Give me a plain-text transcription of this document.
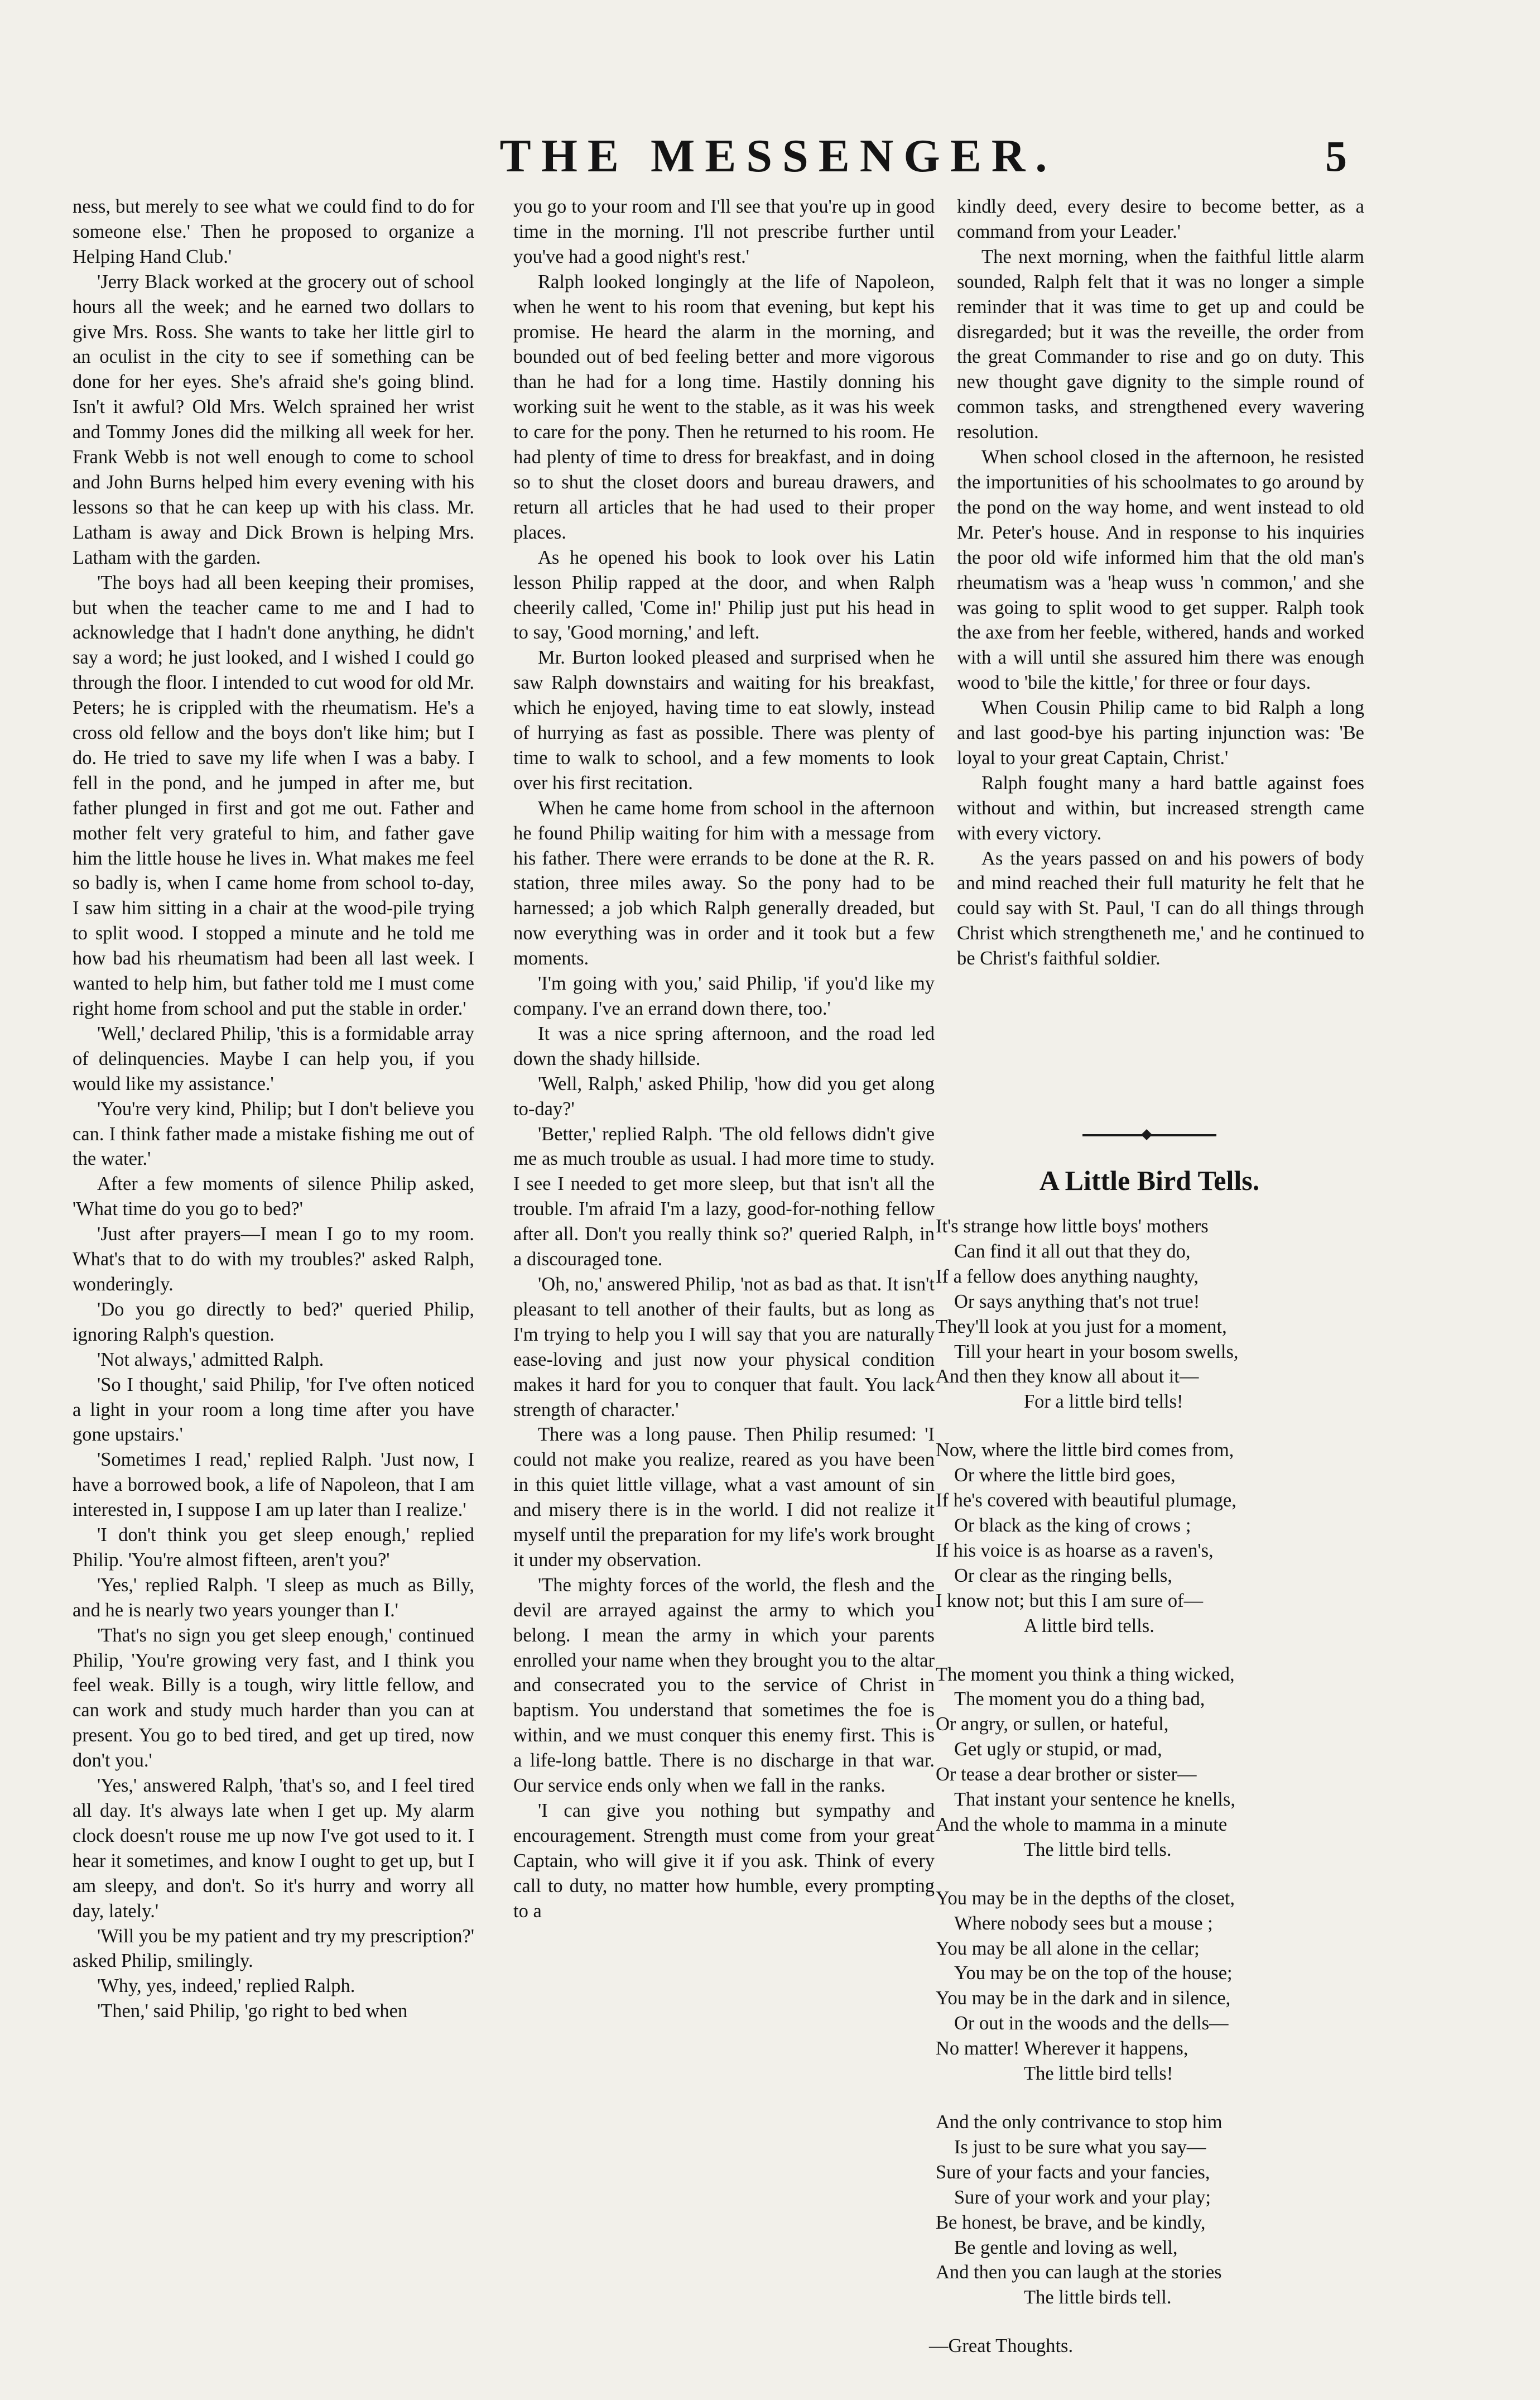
THE MESSENGER.	5

ness, but merely to see what we could find to do for someone else.' Then he proposed to organize a Helping Hand Club.'

'Jerry Black worked at the grocery out of school hours all the week; and he earned two dollars to give Mrs. Ross. She wants to take her little girl to an oculist in the city to see if something can be done for her eyes. She's afraid she's going blind. Isn't it awful? Old Mrs. Welch sprained her wrist and Tommy Jones did the milking all week for her. Frank Webb is not well enough to come to school and John Burns helped him every evening with his lessons so that he can keep up with his class. Mr. Latham is away and Dick Brown is helping Mrs. Latham with the garden.

'The boys had all been keeping their promises, but when the teacher came to me and I had to acknowledge that I hadn't done anything, he didn't say a word; he just looked, and I wished I could go through the floor. I intended to cut wood for old Mr. Peters; he is crippled with the rheumatism. He's a cross old fellow and the boys don't like him; but I do. He tried to save my life when I was a baby. I fell in the pond, and he jumped in after me, but father plunged in first and got me out. Father and mother felt very grateful to him, and father gave him the little house he lives in. What makes me feel so badly is, when I came home from school to-day, I saw him sitting in a chair at the wood-pile trying to split wood. I stopped a minute and he told me how bad his rheumatism had been all last week. I wanted to help him, but father told me I must come right home from school and put the stable in order.'

'Well,' declared Philip, 'this is a formidable array of delinquencies. Maybe I can help you, if you would like my assistance.'

'You're very kind, Philip; but I don't believe you can. I think father made a mistake fishing me out of the water.'

After a few moments of silence Philip asked, 'What time do you go to bed?'

'Just after prayers—I mean I go to my room. What's that to do with my troubles?' asked Ralph, wonderingly.

'Do you go directly to bed?' queried Philip, ignoring Ralph's question.

'Not always,' admitted Ralph.

'So I thought,' said Philip, 'for I've often noticed a light in your room a long time after you have gone upstairs.'

'Sometimes I read,' replied Ralph. 'Just now, I have a borrowed book, a life of Napoleon, that I am interested in, I suppose I am up later than I realize.'

'I don't think you get sleep enough,' replied Philip. 'You're almost fifteen, aren't you?'

'Yes,' replied Ralph. 'I sleep as much as Billy, and he is nearly two years younger than I.'

'That's no sign you get sleep enough,' continued Philip, 'You're growing very fast, and I think you feel weak. Billy is a tough, wiry little fellow, and can work and study much harder than you can at present. You go to bed tired, and get up tired, now don't you.'

'Yes,' answered Ralph, 'that's so, and I feel tired all day. It's always late when I get up. My alarm clock doesn't rouse me up now I've got used to it. I hear it sometimes, and know I ought to get up, but I am sleepy, and don't. So it's hurry and worry all day, lately.'

'Will you be my patient and try my prescription?' asked Philip, smilingly.

'Why, yes, indeed,' replied Ralph.

'Then,' said Philip, 'go right to bed when

you go to your room and I'll see that you're up in good time in the morning. I'll not prescribe further until you've had a good night's rest.'

Ralph looked longingly at the life of Napoleon, when he went to his room that evening, but kept his promise. He heard the alarm in the morning, and bounded out of bed feeling better and more vigorous than he had for a long time. Hastily donning his working suit he went to the stable, as it was his week to care for the pony. Then he returned to his room. He had plenty of time to dress for breakfast, and in doing so to shut the closet doors and bureau drawers, and return all articles that he had used to their proper places.

As he opened his book to look over his Latin lesson Philip rapped at the door, and when Ralph cheerily called, 'Come in!' Philip just put his head in to say, 'Good morning,' and left.

Mr. Burton looked pleased and surprised when he saw Ralph downstairs and waiting for his breakfast, which he enjoyed, having time to eat slowly, instead of hurrying as fast as possible. There was plenty of time to walk to school, and a few moments to look over his first recitation.

When he came home from school in the afternoon he found Philip waiting for him with a message from his father. There were errands to be done at the R. R. station, three miles away. So the pony had to be harnessed; a job which Ralph generally dreaded, but now everything was in order and it took but a few moments.

'I'm going with you,' said Philip, 'if you'd like my company. I've an errand down there, too.'

It was a nice spring afternoon, and the road led down the shady hillside.

'Well, Ralph,' asked Philip, 'how did you get along to-day?'

'Better,' replied Ralph. 'The old fellows didn't give me as much trouble as usual. I had more time to study. I see I needed to get more sleep, but that isn't all the trouble. I'm afraid I'm a lazy, good-for-nothing fellow after all. Don't you really think so?' queried Ralph, in a discouraged tone.

'Oh, no,' answered Philip, 'not as bad as that. It isn't pleasant to tell another of their faults, but as long as I'm trying to help you I will say that you are naturally ease-loving and just now your physical condition makes it hard for you to conquer that fault. You lack strength of character.'

There was a long pause. Then Philip resumed: 'I could not make you realize, reared as you have been in this quiet little village, what a vast amount of sin and misery there is in the world. I did not realize it myself until the preparation for my life's work brought it under my observation.

'The mighty forces of the world, the flesh and the devil are arrayed against the army to which you belong. I mean the army in which your parents enrolled your name when they brought you to the altar and consecrated you to the service of Christ in baptism. You understand that sometimes the foe is within, and we must conquer this enemy first. This is a life-long battle. There is no discharge in that war. Our service ends only when we fall in the ranks.

'I can give you nothing but sympathy and encouragement. Strength must come from your great Captain, who will give it if you ask. Think of every call to duty, no matter how humble, every prompting to a

kindly deed, every desire to become better, as a command from your Leader.'

The next morning, when the faithful little alarm sounded, Ralph felt that it was no longer a simple reminder that it was time to get up and could be disregarded; but it was the reveille, the order from the great Commander to rise and go on duty. This new thought gave dignity to the simple round of common tasks, and strengthened every wavering resolution.

When school closed in the afternoon, he resisted the importunities of his schoolmates to go around by the pond on the way home, and went instead to old Mr. Peter's house. And in response to his inquiries the poor old wife informed him that the old man's rheumatism was a 'heap wuss 'n common,' and she was going to split wood to get supper. Ralph took the axe from her feeble, withered, hands and worked with a will until she assured him there was enough wood to 'bile the kittle,' for three or four days.

When Cousin Philip came to bid Ralph a long and last good-bye his parting injunction was: 'Be loyal to your great Captain, Christ.'

Ralph fought many a hard battle against foes without and within, but increased strength came with every victory.

As the years passed on and his powers of body and mind reached their full maturity he felt that he could say with St. Paul, 'I can do all things through Christ which strengtheneth me,' and he continued to be Christ's faithful soldier.

A Little Bird Tells.
It's strange how little boys' mothers
Can find it all out that they do,
If a fellow does anything naughty,
Or says anything that's not true!
They'll look at you just for a moment,
Till your heart in your bosom swells,
And then they know all about it—
For a little bird tells!
Now, where the little bird comes from,
Or where the little bird goes,
If he's covered with beautiful plumage,
Or black as the king of crows ;
If his voice is as hoarse as a raven's,
Or clear as the ringing bells,
I know not; but this I am sure of—
A little bird tells.
The moment you think a thing wicked,
The moment you do a thing bad,
Or angry, or sullen, or hateful,
Get ugly or stupid, or mad,
Or tease a dear brother or sister—
That instant your sentence he knells,
And the whole to mamma in a minute
The little bird tells.
You may be in the depths of the closet,
Where nobody sees but a mouse ;
You may be all alone in the cellar;
You may be on the top of the house;
You may be in the dark and in silence,
Or out in the woods and the dells—
No matter! Wherever it happens,
The little bird tells!
And the only contrivance to stop him
Is just to be sure what you say—
Sure of your facts and your fancies,
Sure of your work and your play;
Be honest, be brave, and be kindly,
Be gentle and loving as well,
And then you can laugh at the stories
The little birds tell.
—Great Thoughts.
